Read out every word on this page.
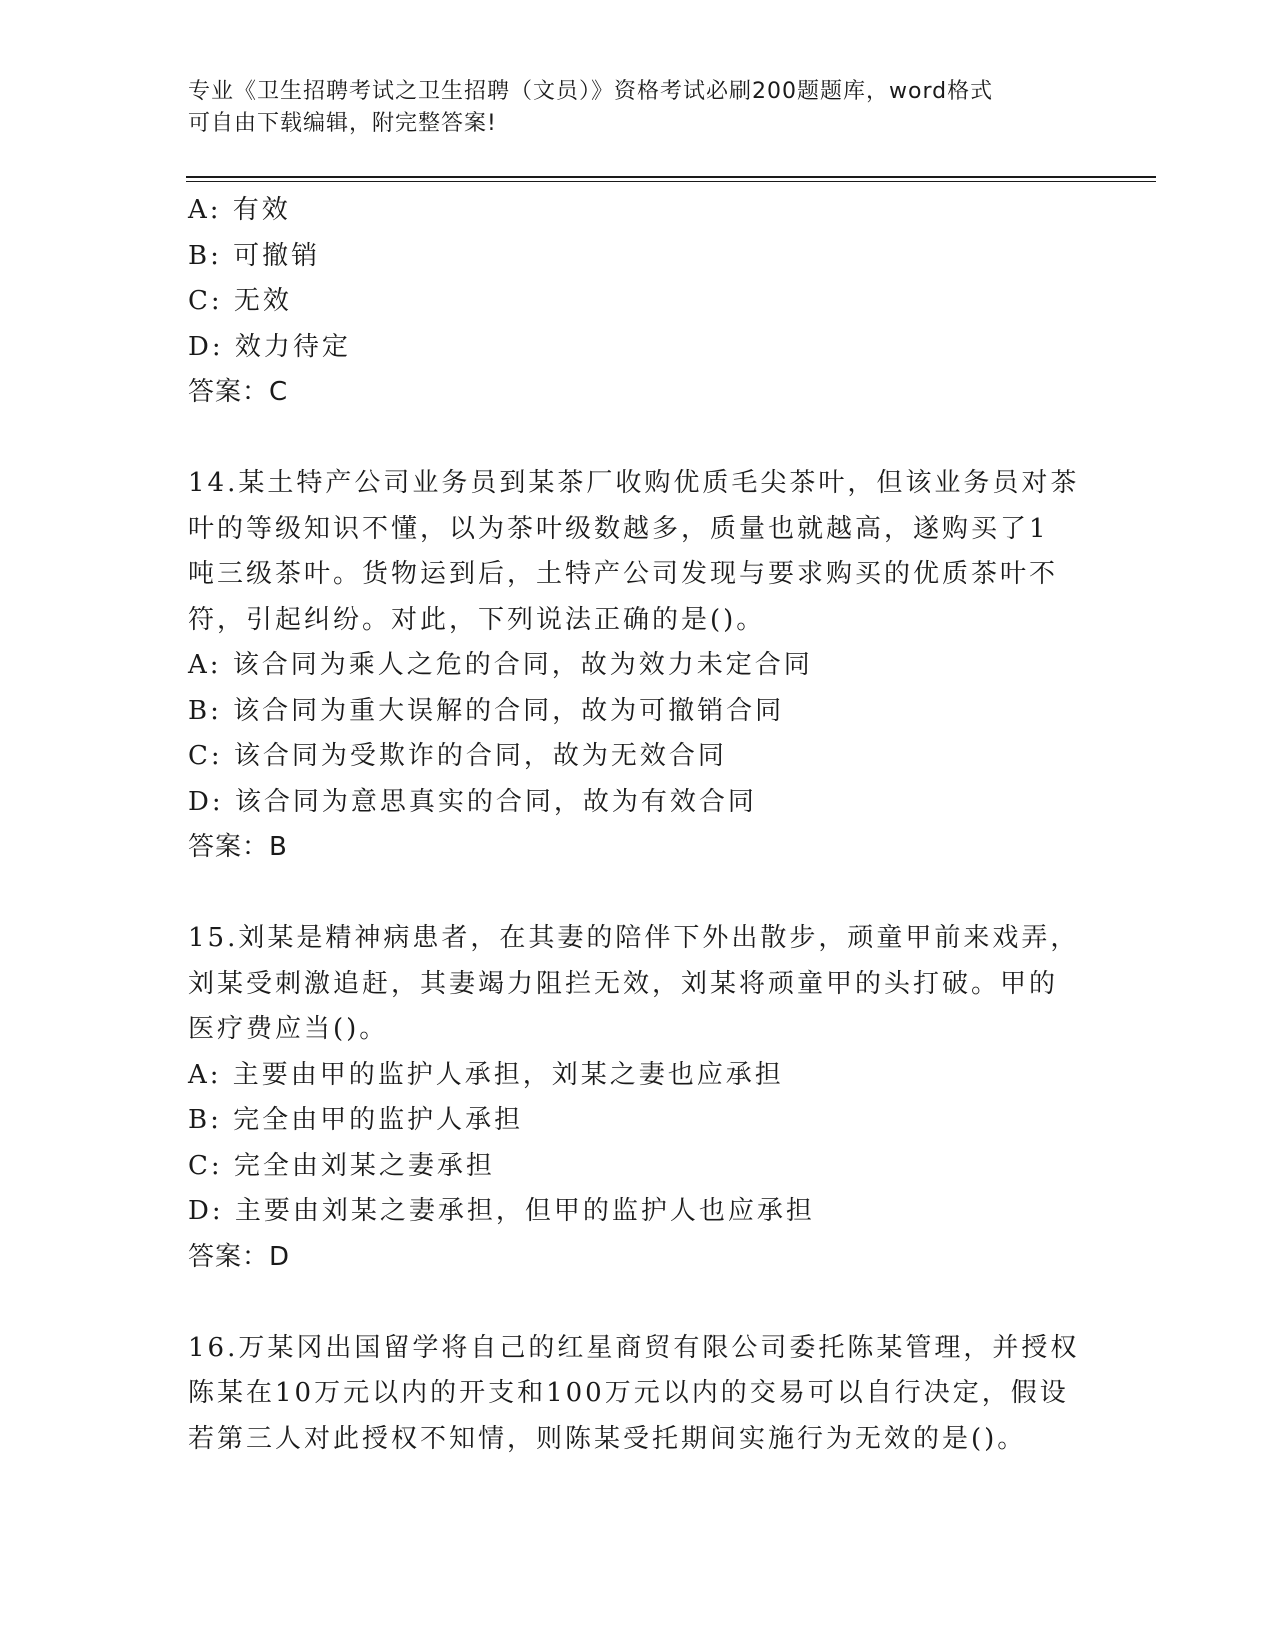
专业《卫生招聘考试之卫生招聘（文员）》资格考试必刷200题题库，word格式
可自由下载编辑，附完整答案!
A: 有效
B: 可撤销
C: 无效
D: 效力待定
答案：C
14.某土特产公司业务员到某茶厂收购优质毛尖茶叶，但该业务员对茶
叶的等级知识不懂，以为茶叶级数越多，质量也就越高，遂购买了1
吨三级茶叶。货物运到后，土特产公司发现与要求购买的优质茶叶不
符，引起纠纷。对此，下列说法正确的是()。
A: 该合同为乘人之危的合同，故为效力未定合同
B: 该合同为重大误解的合同，故为可撤销合同
C: 该合同为受欺诈的合同，故为无效合同
D: 该合同为意思真实的合同，故为有效合同
答案：B
15.刘某是精神病患者，在其妻的陪伴下外出散步，顽童甲前来戏弄，
刘某受刺激追赶，其妻竭力阻拦无效，刘某将顽童甲的头打破。甲的
医疗费应当()。
A: 主要由甲的监护人承担，刘某之妻也应承担
B: 完全由甲的监护人承担
C: 完全由刘某之妻承担
D: 主要由刘某之妻承担，但甲的监护人也应承担
答案：D
16.万某冈出国留学将自己的红星商贸有限公司委托陈某管理，并授权
陈某在10万元以内的开支和100万元以内的交易可以自行决定，假设
若第三人对此授权不知情，则陈某受托期间实施行为无效的是()。
